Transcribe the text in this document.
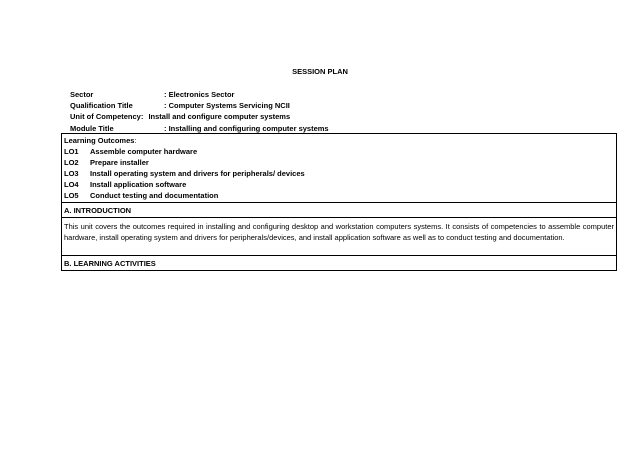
SESSION PLAN
Sector	: Electronics Sector
Qualification Title	: Computer Systems Servicing NCII
Unit of Competency: Install and configure computer systems
Module Title	: Installing and configuring computer systems
Learning Outcomes:
LO1 Assemble computer hardware
LO2 Prepare installer
LO3 Install operating system and drivers for peripherals/ devices
LO4 Install application software
LO5 Conduct testing and documentation
A. INTRODUCTION
This unit covers the outcomes required in installing and configuring desktop and workstation computers systems. It consists of competencies to assemble computer hardware, install operating system and drivers for peripherals/devices, and install application software as well as to conduct testing and documentation.
B. LEARNING ACTIVITIES
